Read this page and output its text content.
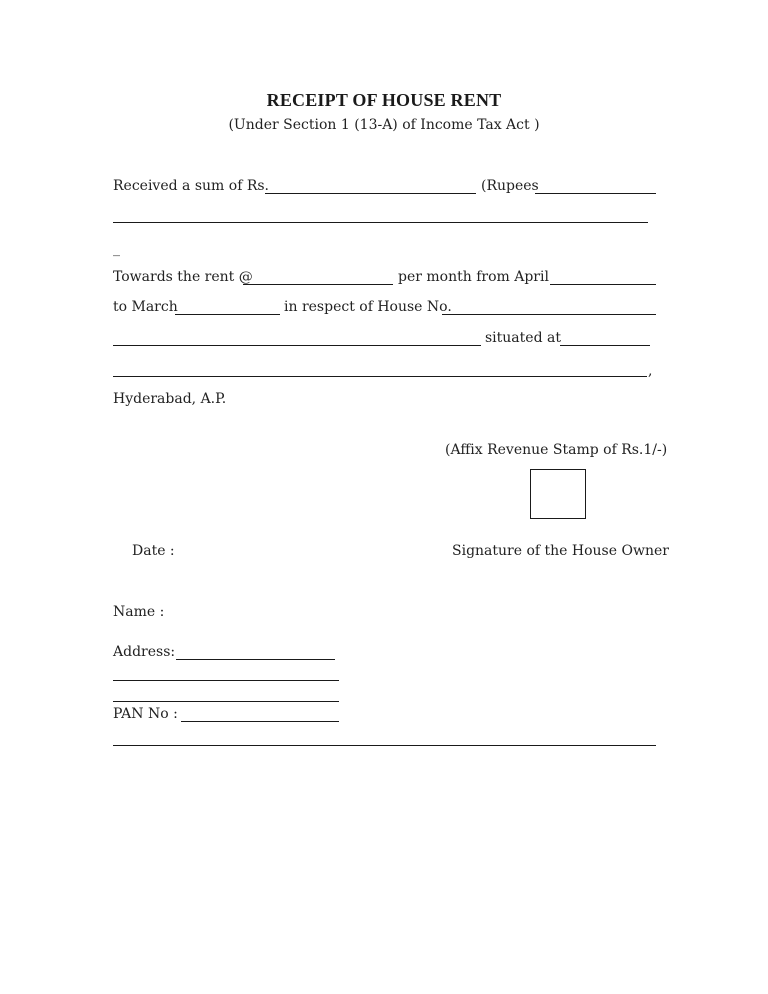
RECEIPT OF HOUSE RENT
(Under Section 1 (13-A) of Income Tax Act )
Received a sum of Rs.	(Rupees
_
Towards the rent @	per month from April
to March	in respect of House No.
situated at
,
Hyderabad, A.P.
(Affix Revenue Stamp of Rs.1/-)
Date :	Signature of the House Owner
Name :
Address:
PAN No :
